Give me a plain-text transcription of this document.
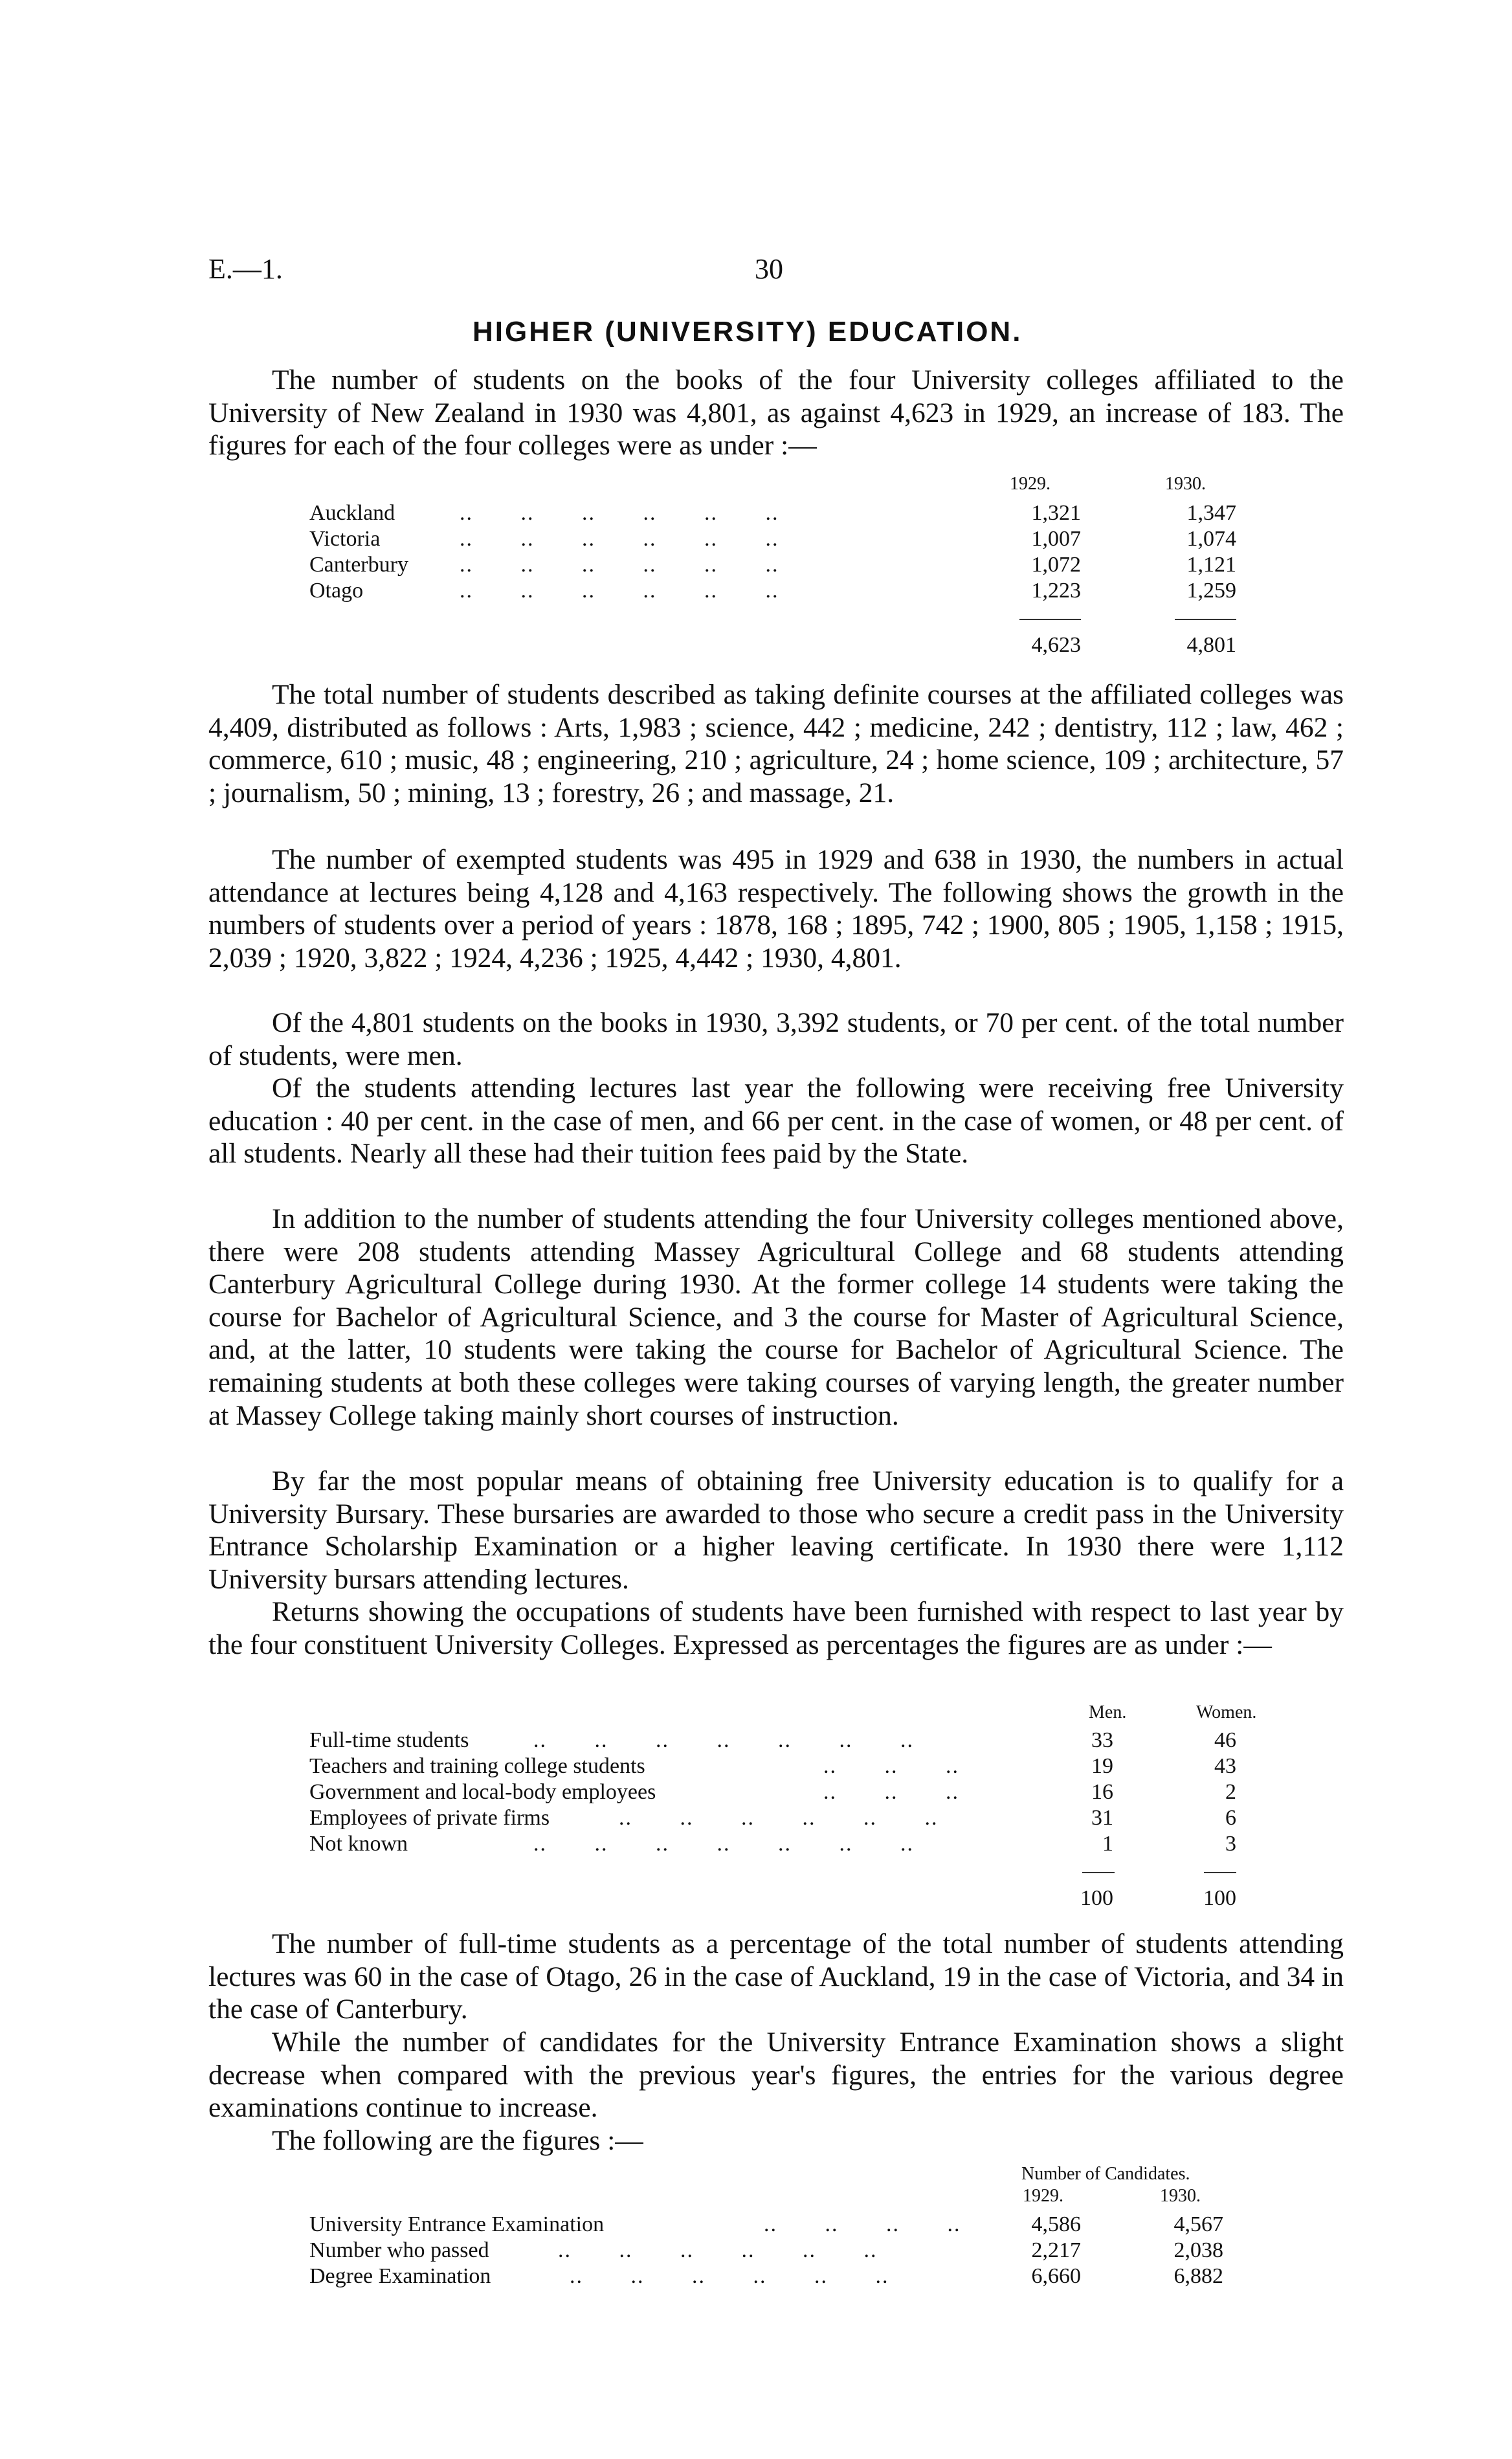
E.—1.	30
HIGHER (UNIVERSITY) EDUCATION.

The number of students on the books of the four University colleges affiliated to the University of New Zealand in 1930 was 4,801, as against 4,623 in 1929, an increase of 183. The figures for each of the four colleges were as under :—

1929.	1930.
Auckland	..       ..       ..       ..       ..       ..	1,321	1,347
Victoria	..       ..       ..       ..       ..       ..	1,007	1,074
Canterbury ..       ..       ..       ..       ..       ..	1,072	1,121
Otago	..       ..       ..       ..       ..       ..	1,223	1,259
4,623	4,801

The total number of students described as taking definite courses at the affiliated colleges was 4,409, distributed as follows : Arts, 1,983 ; science, 442 ; medicine, 242 ; dentistry, 112 ; law, 462 ; commerce, 610 ; music, 48 ; engineering, 210 ; agriculture, 24 ; home science, 109 ; architecture, 57 ; journalism, 50 ; mining, 13 ; forestry, 26 ; and massage, 21.

The number of exempted students was 495 in 1929 and 638 in 1930, the numbers in actual attendance at lectures being 4,128 and 4,163 respectively. The following shows the growth in the numbers of students over a period of years : 1878, 168 ; 1895, 742 ; 1900, 805 ; 1905, 1,158 ; 1915, 2,039 ; 1920, 3,822 ; 1924, 4,236 ; 1925, 4,442 ; 1930, 4,801.

Of the 4,801 students on the books in 1930, 3,392 students, or 70 per cent. of the total number of students, were men.

Of the students attending lectures last year the following were receiving free University education : 40 per cent. in the case of men, and 66 per cent. in the case of women, or 48 per cent. of all students. Nearly all these had their tuition fees paid by the State.

In addition to the number of students attending the four University colleges mentioned above, there were 208 students attending Massey Agricultural College and 68 students attending Canterbury Agricultural College during 1930. At the former college 14 students were taking the course for Bachelor of Agricultural Science, and 3 the course for Master of Agricultural Science, and, at the latter, 10 students were taking the course for Bachelor of Agricultural Science. The remaining students at both these colleges were taking courses of varying length, the greater number at Massey College taking mainly short courses of instruction.

By far the most popular means of obtaining free University education is to qualify for a University Bursary. These bursaries are awarded to those who secure a credit pass in the University Entrance Scholarship Examination or a higher leaving certificate. In 1930 there were 1,112 University bursars attending lectures.

Returns showing the occupations of students have been furnished with respect to last year by the four constituent University Colleges. Expressed as percentages the figures are as under :—

Men.	Women.
Full-time students	..       ..       ..       ..       ..       ..       ..	33	46
Teachers and training college students	..       ..       ..	19	43
Government and local-body employees	..       ..       ..	16	2
Employees of private firms	..       ..       ..       ..       ..       ..	31	6
Not known	..       ..       ..       ..       ..       ..       ..	1	3
100	100

The number of full-time students as a percentage of the total number of students attending lectures was 60 in the case of Otago, 26 in the case of Auckland, 19 in the case of Victoria, and 34 in the case of Canterbury.

While the number of candidates for the University Entrance Examination shows a slight decrease when compared with the previous year's figures, the entries for the various degree examinations continue to increase.

The following are the figures :—

Number of Candidates.
1929.	1930.
University Entrance Examination	..       ..       ..       ..	4,586	4,567
Number who passed	..       ..       ..       ..       ..       ..	2,217	2,038
Degree Examination	..       ..       ..       ..       ..       ..	6,660	6,882
